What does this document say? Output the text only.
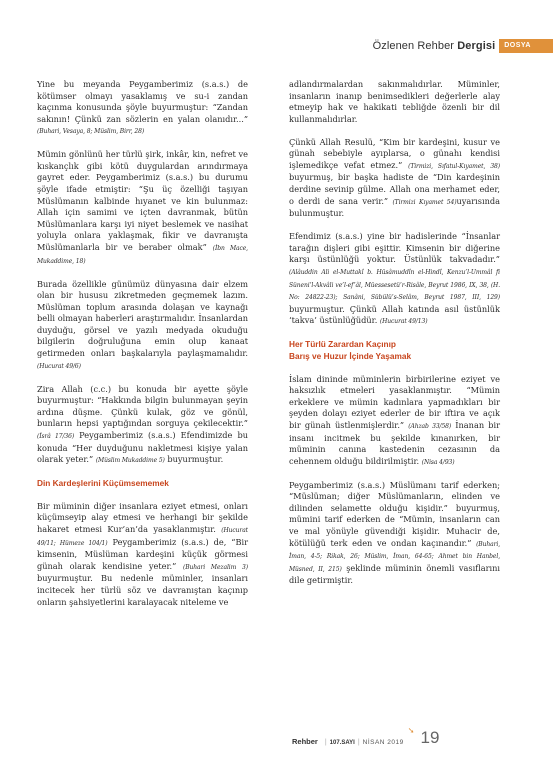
Özlenen Rehber Dergisi	DOSYA

Yine bu meyanda Peygamberimiz (s.a.s.) de kötümser olmayı yasaklamış ve su-i zandan kaçınma konusunda şöyle buyurmuştur: “Zandan sakının! Çünkü zan sözlerin en yalan olanıdır...” (Buhari, Vesaya, 8; Müslim, Birr, 28)

Mümin gönlünü her türlü şirk, inkâr, kin, nefret ve kıskançlık gibi kötü duygulardan arındırmaya gayret eder. Peygamberimiz (s.a.s.) bu durumu şöyle ifade etmiştir: “Şu üç özelliği taşıyan Müslümanın kalbinde hıyanet ve kin bulunmaz: Allah için samimi ve içten davranmak, bütün Müslümanlara karşı iyi niyet beslemek ve nasihat yoluyla onlara yaklaşmak, fikir ve davranışta Müslümanlarla bir ve beraber olmak” (İbn Mace, Mukaddime, 18)

Burada özellikle günümüz dünyasına dair elzem olan bir hususu zikretmeden geçmemek lazım. Müslüman toplum arasında dolaşan ve kaynağı belli olmayan haberleri araştırmalıdır. İnsanlardan duyduğu, görsel ve yazılı medyada okuduğu bilgilerin doğruluğuna emin olup kanaat getirmeden onları başkalarıyla paylaşmamalıdır. (Hucurat 49/6)

Zira Allah (c.c.) bu konuda bir ayette şöyle buyurmuştur: “Hakkında bilgin bulunmayan şeyin ardına düşme. Çünkü kulak, göz ve gönül, bunların hepsi yaptığından sorguya çekilecektir.” (İsrâ 17/36) Peygamberimiz (s.a.s.) Efendimizde bu konuda “Her duyduğunu nakletmesi kişiye yalan olarak yeter.” (Müslim Mukaddime 5) buyurmuştur.

Din Kardeşlerini Küçümsememek

Bir müminin diğer insanlara eziyet etmesi, onları küçümseyip alay etmesi ve herhangi bir şekilde hakaret etmesi Kur’an’da yasaklanmıştır. (Hucurat 49/11; Hümeze 104/1) Peygamberimiz (s.a.s.) de, “Bir kimsenin, Müslüman kardeşini küçük görmesi günah olarak kendisine yeter.” (Buhari Mezalim 3) buyurmuştur. Bu nedenle müminler, insanları incitecek her türlü söz ve davranıştan kaçınıp onların şahsiyetlerini karalayacak niteleme ve

adlandırmalardan sakınmalıdırlar. Müminler, insanların inanıp benimsedikleri değerlerle alay etmeyip hak ve hakikati tebliğde özenli bir dil kullanmalıdırlar.

Çünkü Allah Resulü, “Kim bir kardeşini, kusur ve günah sebebiyle ayıplarsa, o günahı kendisi işlemedikçe vefat etmez.” (Tirmizi, Sıfatul-Kıyamet, 38) buyurmuş, bir başka hadiste de “Din kardeşinin derdine sevinip gülme. Allah ona merhamet eder, o derdi de sana verir.” (Tirmizi Kıyamet 54)uyarısında bulunmuştur.

Efendimiz (s.a.s.) yine bir hadislerinde “İnsanlar tarağın dişleri gibi eşittir. Kimsenin bir diğerine karşı üstünlüğü yoktur. Üstünlük takvadadır.” (Alâuddin Ali el-Muttakî b. Hüsâmuddîn el-Hindî, Kenzu’l-Ummâl fi Süneni’l-Akvâli ve’l-ef’âl, Müessesetü’r-Risâle, Beyrut 1986, IX, 38, (H. No: 24822-23); Sanâni, Sübülü’s-Selâm, Beyrut 1987, III, 129) buyurmuştur. Çünkü Allah katında asıl üstünlük ‘takva’ üstünlüğüdür. (Hucurat 49/13)

Her Türlü Zarardan Kaçınıp
Barış ve Huzur İçinde Yaşamak

İslam dininde müminlerin birbirilerine eziyet ve haksızlık etmeleri yasaklanmıştır. “Mümin erkeklere ve mümin kadınlara yapmadıkları bir şeyden dolayı eziyet ederler de bir iftira ve açık bir günah üstlenmişlerdir.” (Ahzab 33/58) İnanan bir insanı incitmek bu şekilde kınanırken, bir müminin canına kastedenin cezasının da cehennem olduğu bildirilmiştir. (Nisa 4/93)

Peygamberimiz (s.a.s.) Müslümanı tarif ederken; “Müslüman; diğer Müslümanların, elinden ve dilinden selamette olduğu kişidir.” buyurmuş, mümini tarif ederken de “Mümin, insanların can ve mal yönüyle güvendiği kişidir. Muhacir de, kötülüğü terk eden ve ondan kaçınandır.” (Buhari, İman, 4-5; Rikak, 26; Müslim, İman, 64-65; Ahmet bin Hanbel, Müsned, II, 215) şeklinde müminin önemli vasıflarını dile getirmiştir.

Rehber | 107.SAYI | NİSAN 2019
➘ 19
